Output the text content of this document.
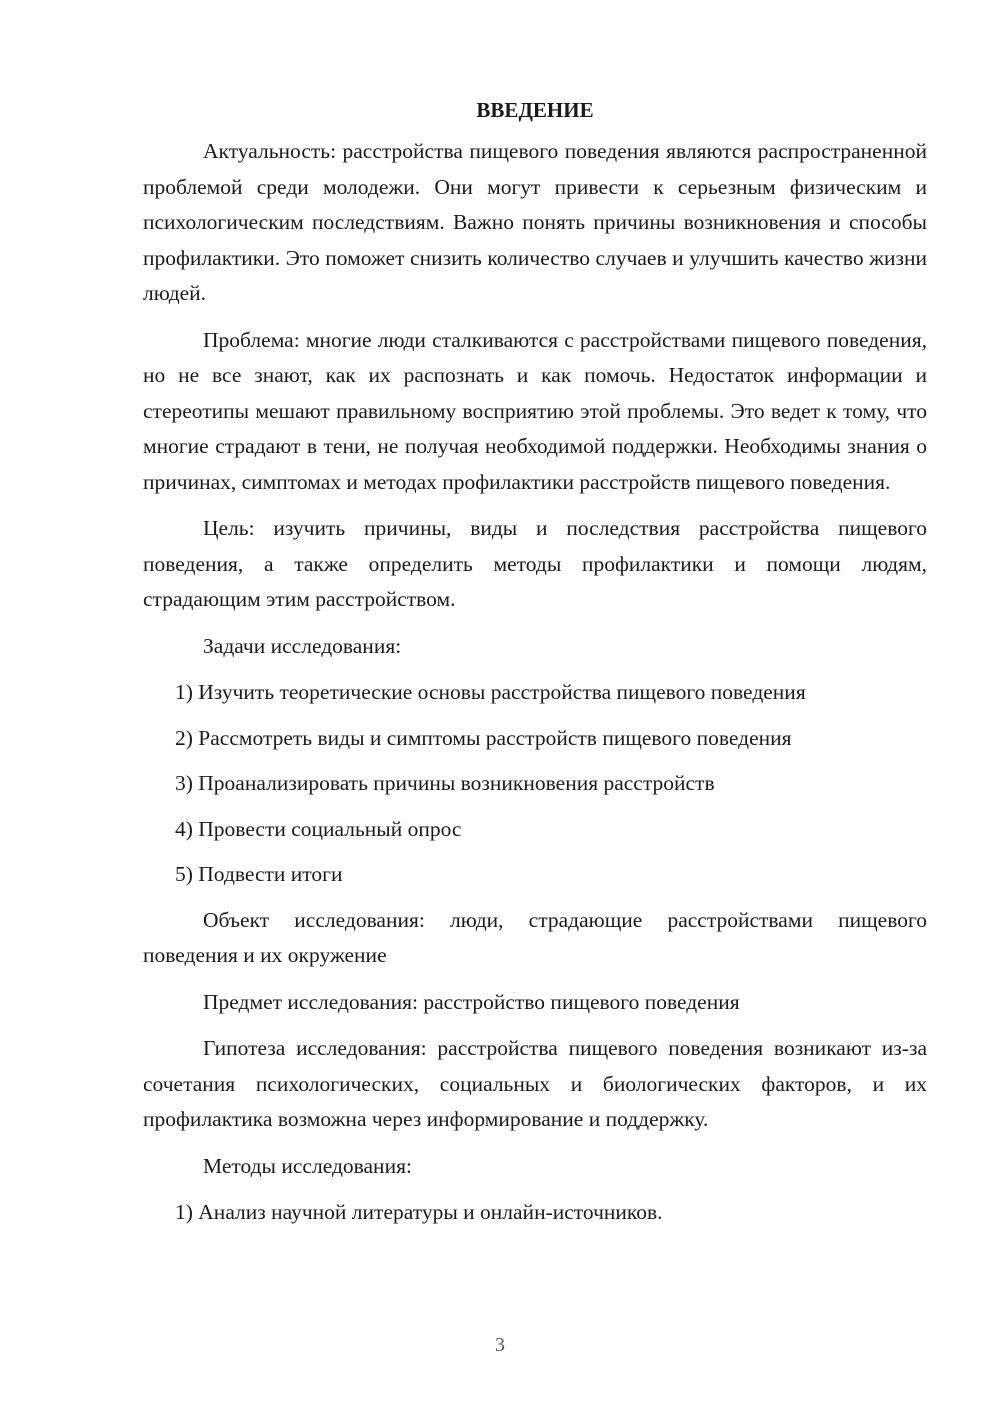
ВВЕДЕНИЕ

Актуальность: расстройства пищевого поведения являются распространенной проблемой среди молодежи. Они могут привести к серьезным физическим и психологическим последствиям. Важно понять причины возникновения и способы профилактики. Это поможет снизить количество случаев и улучшить качество жизни людей.

Проблема: многие люди сталкиваются с расстройствами пищевого поведения, но не все знают, как их распознать и как помочь. Недостаток информации и стереотипы мешают правильному восприятию этой проблемы. Это ведет к тому, что многие страдают в тени, не получая необходимой поддержки. Необходимы знания о причинах, симптомах и методах профилактики расстройств пищевого поведения.

Цель: изучить причины, виды и последствия расстройства пищевого поведения, а также определить методы профилактики и помощи людям, страдающим этим расстройством.

Задачи исследования:

1) Изучить теоретические основы расстройства пищевого поведения
2) Рассмотреть виды и симптомы расстройств пищевого поведения
3) Проанализировать причины возникновения расстройств
4) Провести социальный опрос
5) Подвести итоги

Объект исследования: люди, страдающие расстройствами пищевого поведения и их окружение

Предмет исследования: расстройство пищевого поведения

Гипотеза исследования: расстройства пищевого поведения возникают из-за сочетания психологических, социальных и биологических факторов, и их профилактика возможна через информирование и поддержку.

Методы исследования:

1) Анализ научной литературы и онлайн-источников.
3
